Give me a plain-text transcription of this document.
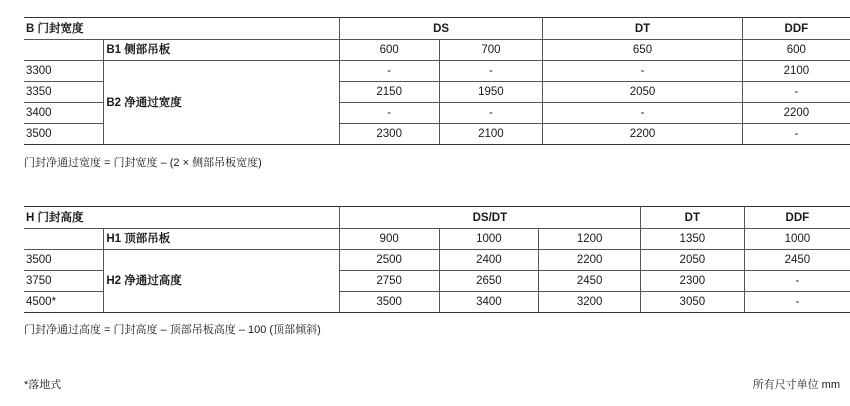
B 门封宽度		DS		DT	DDF
	B1 侧部吊板	600	700	650	600
3300	B2 净通过宽度	-	-	-	2100
3350		2150	1950	2050	-
3400		-	-	-	2200
3500		2300	2100	2200	-
门封净通过宽度 = 门封宽度 – (2 × 侧部吊板宽度)
H 门封高度		DS/DT			DT	DDF
	H1 顶部吊板	900	1000	1200	1350	1000
3500	H2 净通过高度	2500	2400	2200	2050	2450
3750		2750	2650	2450	2300	-
4500*		3500	3400	3200	3050	-
门封净通过高度 = 门封高度 – 顶部吊板高度 – 100 (顶部倾斜)
*落地式	所有尺寸单位 mm
